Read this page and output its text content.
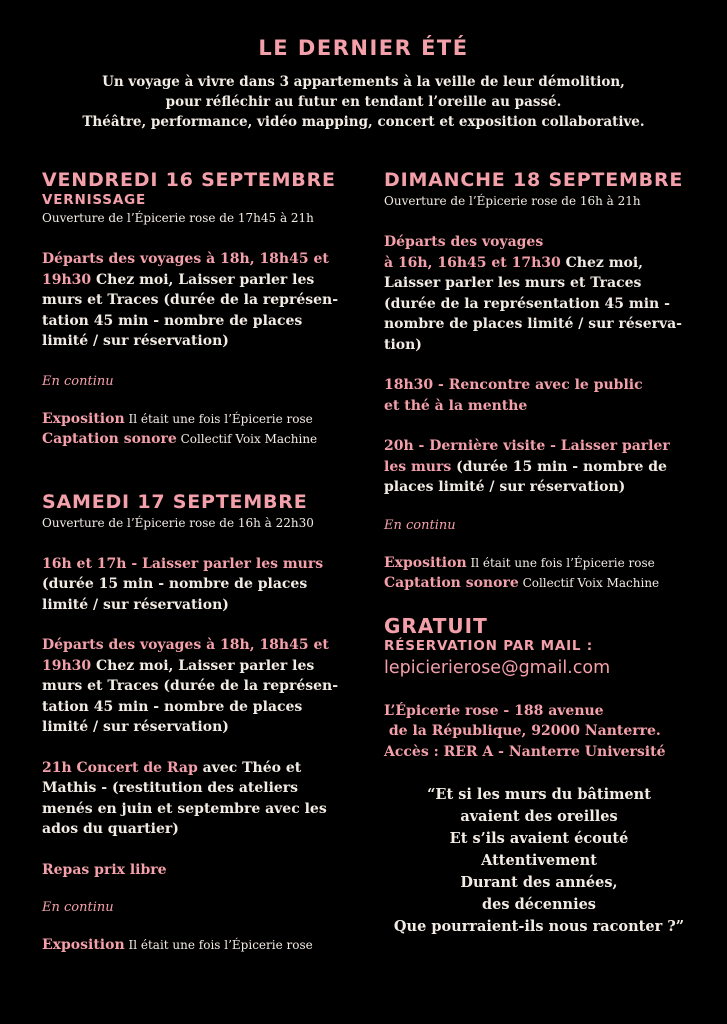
LE DERNIER ÉTÉ
Un voyage à vivre dans 3 appartements à la veille de leur démolition,
pour réfléchir au futur en tendant l’oreille au passé.
Théâtre, performance, vidéo mapping, concert et exposition collaborative.
VENDREDI 16 SEPTEMBRE
VERNISSAGE
Ouverture de l’Épicerie rose de 17h45 à 21h
Départs des voyages à 18h, 18h45 et
19h30 Chez moi, Laisser parler les
murs et Traces (durée de la représen-
tation 45 min - nombre de places
limité / sur réservation)
En continu
Exposition Il était une fois l’Épicerie rose
Captation sonore Collectif Voix Machine
SAMEDI 17 SEPTEMBRE
Ouverture de l’Épicerie rose de 16h à 22h30
16h et 17h - Laisser parler les murs
(durée 15 min - nombre de places
limité / sur réservation)
Départs des voyages à 18h, 18h45 et
19h30 Chez moi, Laisser parler les
murs et Traces (durée de la représen-
tation 45 min - nombre de places
limité / sur réservation)
21h Concert de Rap avec Théo et
Mathis - (restitution des ateliers
menés en juin et septembre avec les
ados du quartier)
Repas prix libre
En continu
Exposition Il était une fois l’Épicerie rose
DIMANCHE 18 SEPTEMBRE
Ouverture de l’Épicerie rose de 16h à 21h
Départs des voyages
à 16h, 16h45 et 17h30 Chez moi,
Laisser parler les murs et Traces
(durée de la représentation 45 min -
nombre de places limité / sur réserva-
tion)
18h30 - Rencontre avec le public
et thé à la menthe
20h - Dernière visite - Laisser parler
les murs (durée 15 min - nombre de
places limité / sur réservation)
En continu
Exposition Il était une fois l’Épicerie rose
Captation sonore Collectif Voix Machine
GRATUIT
RÉSERVATION PAR MAIL :
lepicierierose@gmail.com
L’Épicerie rose - 188 avenue
de la République, 92000 Nanterre.
Accès : RER A - Nanterre Université
“Et si les murs du bâtiment
avaient des oreilles
Et s’ils avaient écouté
Attentivement
Durant des années,
des décennies
Que pourraient-ils nous raconter ?”
